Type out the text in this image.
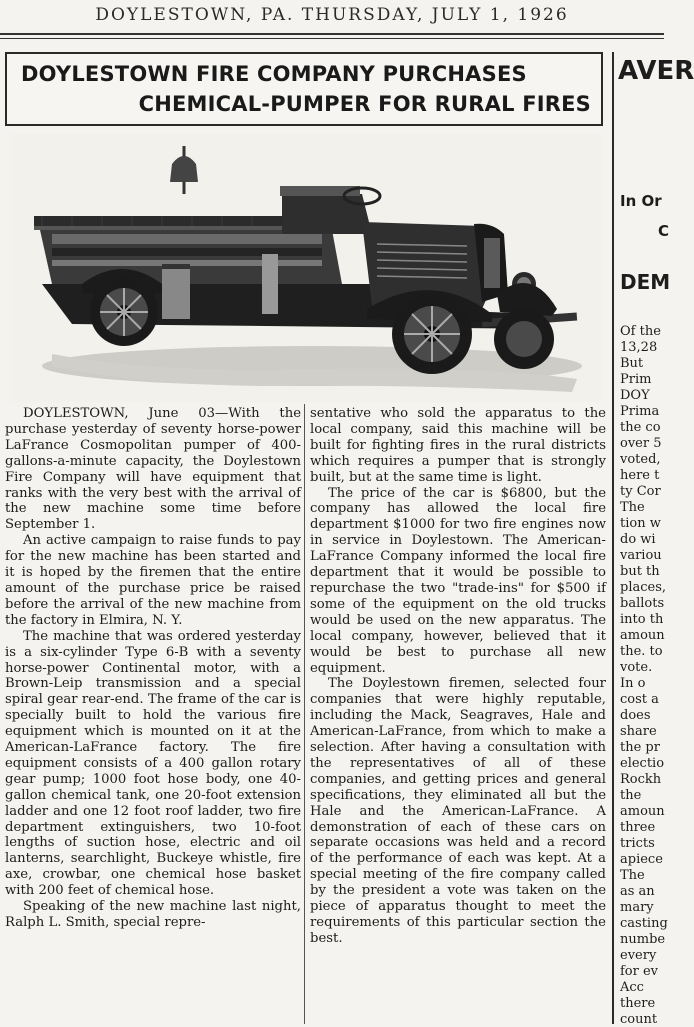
DOYLESTOWN, PA. THURSDAY, JULY 1, 1926
DOYLESTOWN FIRE COMPANY PURCHASES
CHEMICAL-PUMPER FOR RURAL FIRES

DOYLESTOWN, June 03—With the purchase yesterday of seventy horse-power LaFrance Cosmopolitan pumper of 400-gallons-a-minute capacity, the Doylestown Fire Company will have equipment that ranks with the very best with the arrival of the new machine some time before September 1.

An active campaign to raise funds to pay for the new machine has been started and it is hoped by the firemen that the entire amount of the purchase price be raised before the arrival of the new machine from the factory in Elmira, N. Y.

The machine that was ordered yesterday is a six-cylinder Type 6-B with a seventy horse-power Continental motor, with a Brown-Leip transmission and a special spiral gear rear-end. The frame of the car is specially built to hold the various fire equipment which is mounted on it at the American-LaFrance factory. The fire equipment consists of a 400 gallon rotary gear pump; 1000 foot hose body, one 40-gallon chemical tank, one 20-foot extension ladder and one 12 foot roof ladder, two fire department extinguishers, two 10-foot lengths of suction hose, electric and oil lanterns, searchlight, Buckeye whistle, fire axe, crowbar, one chemical hose basket with 200 feet of chemical hose.

Speaking of the new machine last night, Ralph L. Smith, special repre-

sentative who sold the apparatus to the local company, said this machine will be built for fighting fires in the rural districts which requires a pumper that is strongly built, but at the same time is light.

The price of the car is $6800, but the company has allowed the local fire department $1000 for two fire engines now in service in Doylestown. The American-LaFrance Company informed the local fire department that it would be possible to repurchase the two "trade-ins" for $500 if some of the equipment on the old trucks would be used on the new apparatus. The local company, however, believed that it would be best to purchase all new equipment.

The Doylestown firemen, selected four companies that were highly reputable, including the Mack, Seagraves, Hale and American-LaFrance, from which to make a selection. After having a consultation with the representatives of all of these companies, and getting prices and general specifications, they eliminated all but the Hale and the American-LaFrance. A demonstration of each of these cars on separate occasions was held and a record of the performance of each was kept. At a special meeting of the fire company called by the president a vote was taken on the piece of apparatus thought to meet the requirements of this particular section the best.

AVER
In Or
C
DEM
Of the
13,28
But
Prim
DOY
Prima
the co
over 5
voted,
here t
ty Cor
The
tion w
do wi
variou
but th
places,
ballots
into th
amoun
the. to
vote.
In o
cost a
does
share
the pr
electio
Rockh
the
amoun
three
tricts
apiece
The
as an
mary
casting
numbe
every
for ev
Acc
there
count
